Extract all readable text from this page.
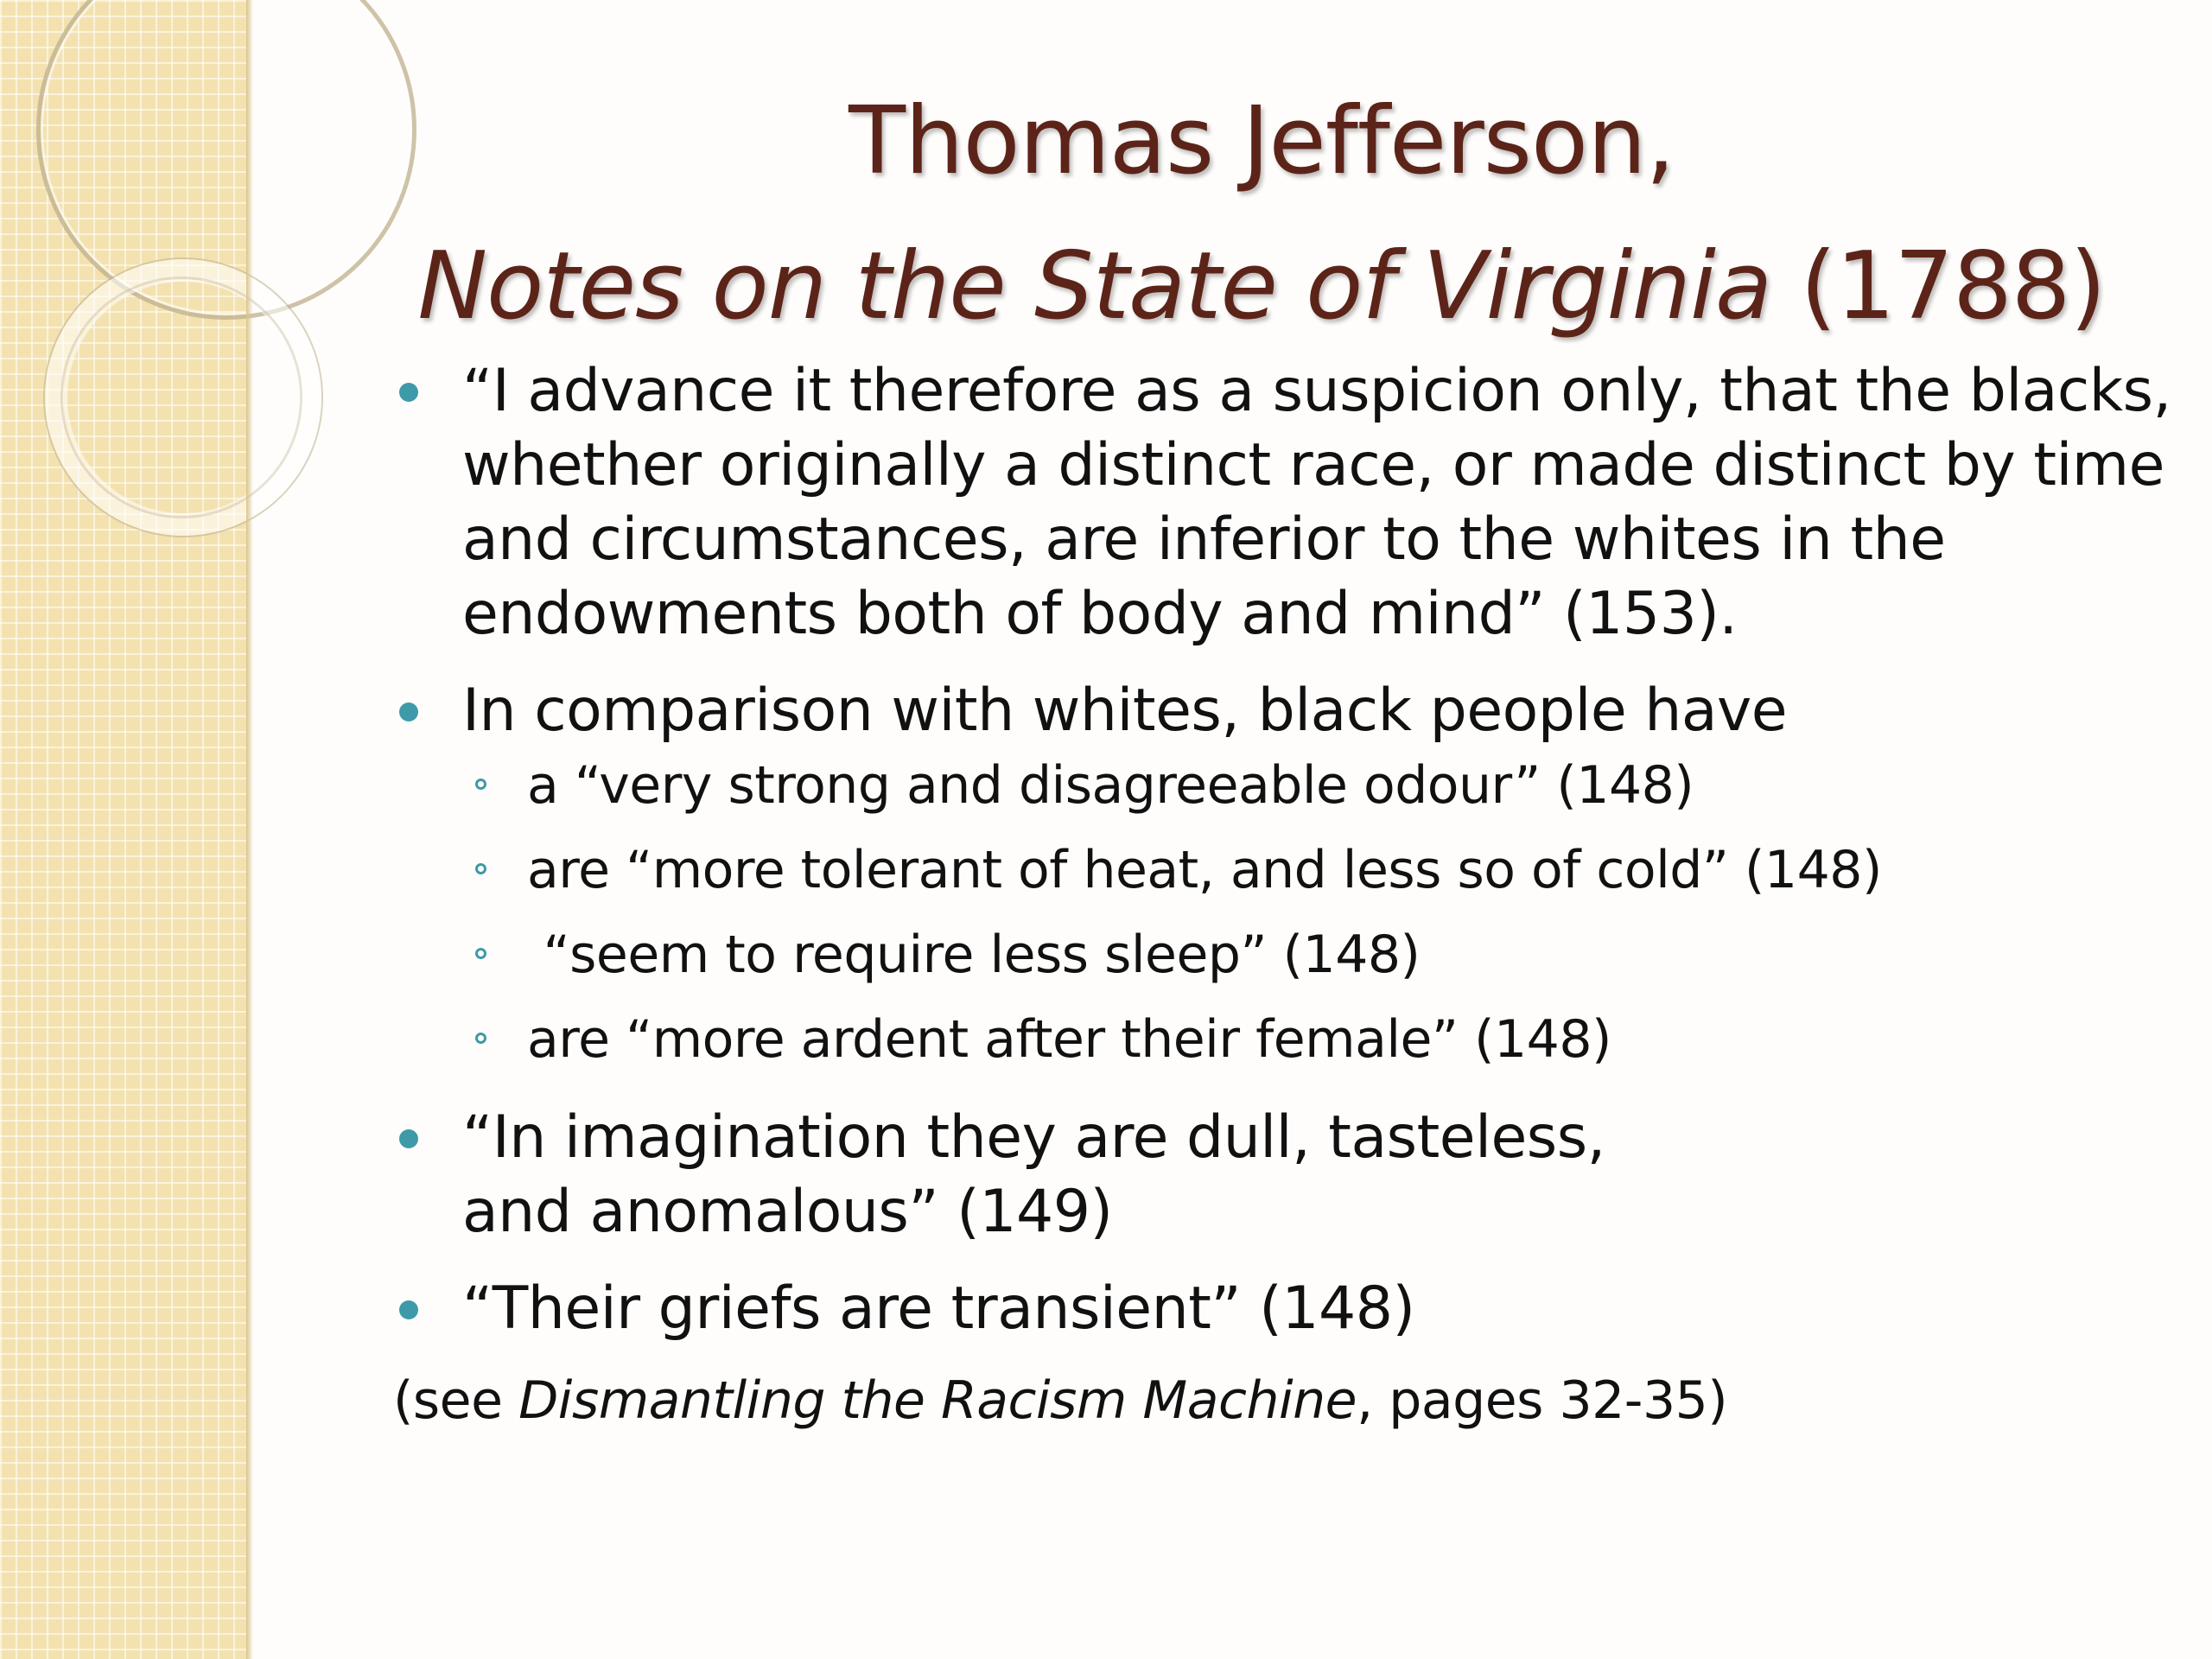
Thomas Jefferson,
Notes on the State of Virginia (1788)
“I advance it therefore as a suspicion only, that the blacks, whether originally a distinct race, or made distinct by time and circumstances, are inferior to the whites in the endowments both of body and mind” (153).
In comparison with whites, black people have
a “very strong and disagreeable odour” (148)
are “more tolerant of heat, and less so of cold” (148)
“seem to require less sleep” (148)
are “more ardent after their female” (148)
“In imagination they are dull, tasteless, and anomalous” (149)
“Their griefs are transient” (148)
(see Dismantling the Racism Machine, pages 32-35)
